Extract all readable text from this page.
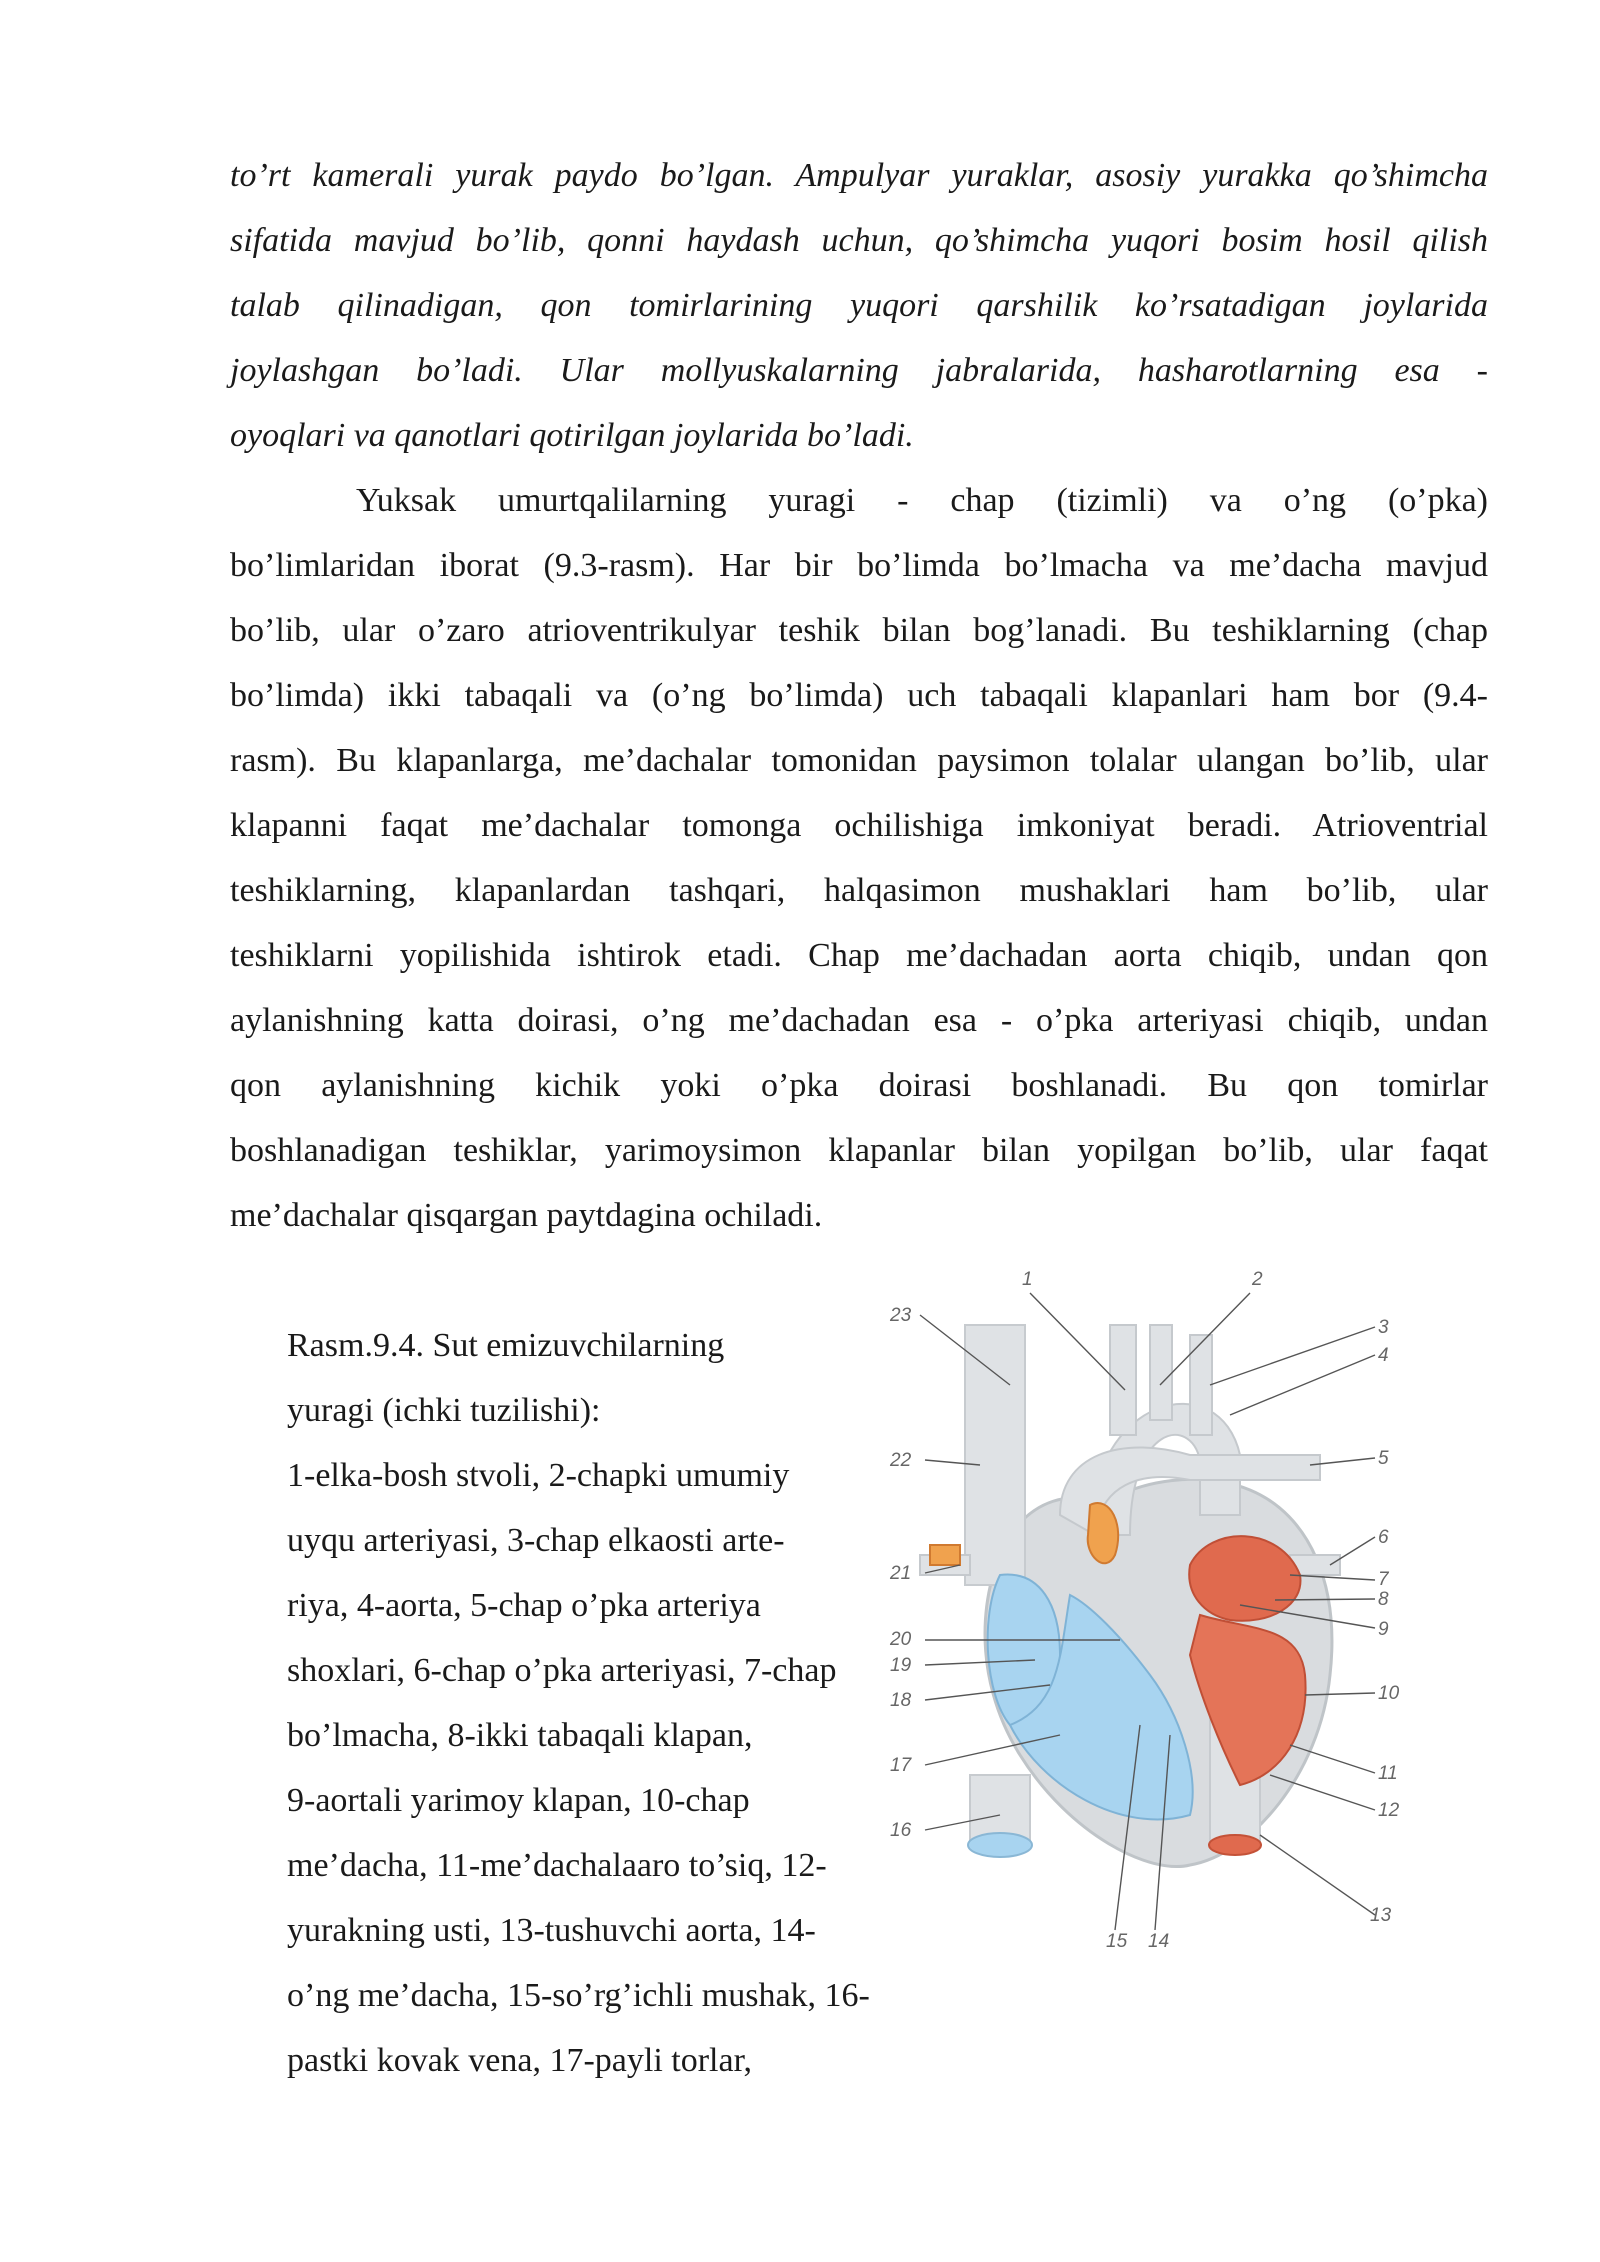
to’rt kamerali yurak paydo bo’lgan. Ampulyar yuraklar, asosiy yurakka qo’shimcha
sifatida mavjud bo’lib, qonni haydash uchun, qo’shimcha yuqori bosim hosil qilish
talab qilinadigan, qon tomirlarining yuqori qarshilik ko’rsatadigan joylarida
joylashgan bo’ladi. Ular mollyuskalarning jabralarida, hasharotlarning esa -
oyoqlari va qanotlari qotirilgan joylarida bo’ladi.
Yuksak umurtqalilarning yuragi - chap (tizimli) va o’ng (o’pka)
bo’limlaridan iborat (9.3-rasm). Har bir bo’limda bo’lmacha va me’dacha mavjud
bo’lib, ular o’zaro atrioventrikulyar teshik bilan bog’lanadi. Bu teshiklarning (chap
bo’limda) ikki tabaqali va (o’ng bo’limda) uch tabaqali klapanlari ham bor (9.4-
rasm). Bu klapanlarga, me’dachalar tomonidan paysimon tolalar ulangan bo’lib, ular
klapanni faqat me’dachalar tomonga ochilishiga imkoniyat beradi. Atrioventrial
teshiklarning, klapanlardan tashqari, halqasimon mushaklari ham bo’lib, ular
teshiklarni yopilishida ishtirok etadi. Chap me’dachadan aorta chiqib, undan qon
aylanishning katta doirasi, o’ng me’dachadan esa - o’pka arteriyasi chiqib, undan
qon aylanishning kichik yoki o’pka doirasi boshlanadi. Bu qon tomirlar
boshlanadigan teshiklar, yarimoysimon klapanlar bilan yopilgan bo’lib, ular faqat
me’dachalar qisqargan paytdagina ochiladi.
Rasm.9.4. Sut emizuvchilarning
yuragi (ichki tuzilishi):
1-elka-bosh stvoli, 2-chapki umumiy
uyqu arteriyasi, 3-chap elkaosti arte-
riya, 4-aorta, 5-chap o’pka arteriya
shoxlari, 6-chap o’pka arteriyasi, 7-chap
bo’lmacha, 8-ikki tabaqali klapan,
9-aortali yarimoy klapan, 10-chap
me’dacha, 11-me’dachalaaro to’siq, 12-
yurakning usti, 13-tushuvchi aorta, 14-
o’ng me’dacha, 15-so’rg’ichli mushak, 16-
pastki kovak vena, 17-payli torlar,
1	2
3
4
5
6
7
8
9
10
11
12
13
14
15
16
17
18
19
20
21
22
23
